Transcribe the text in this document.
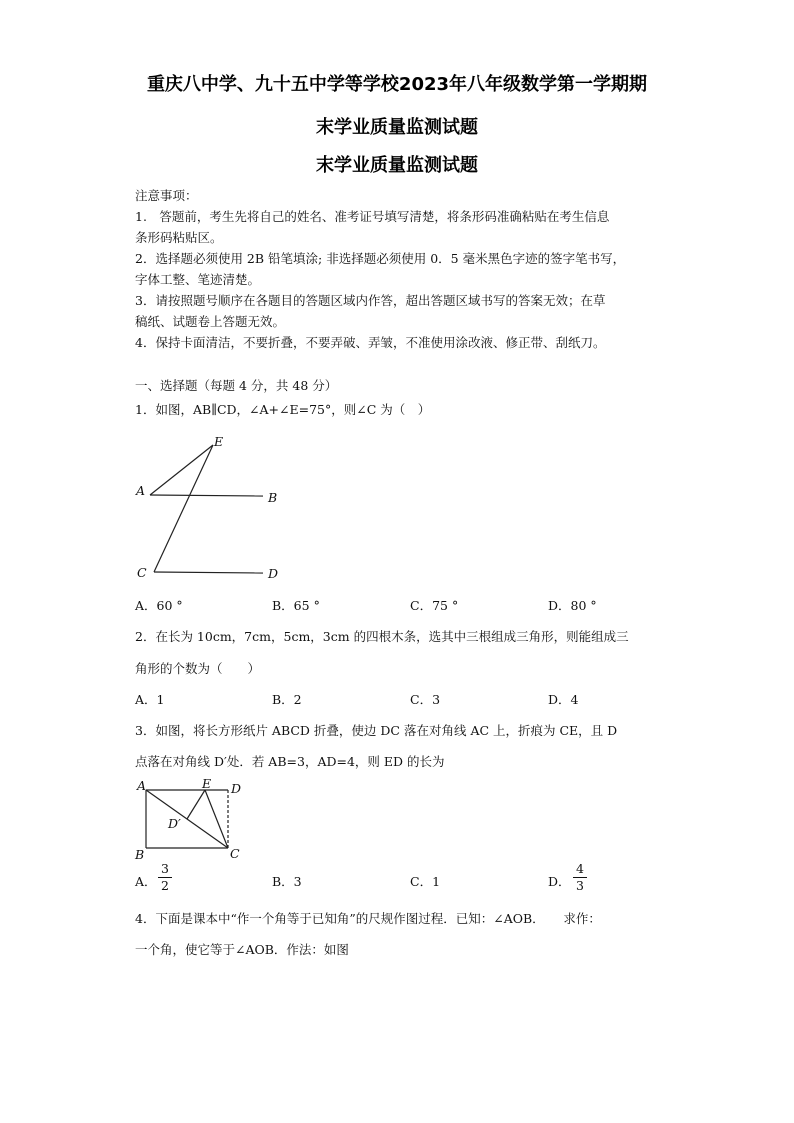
重庆八中学、九十五中学等学校2023年八年级数学第一学期期
末学业质量监测试题
末学业质量监测试题
注意事项：
1.　答题前，考生先将自己的姓名、准考证号填写清楚，将条形码准确粘贴在考生信息
条形码粘贴区。
2．选择题必须使用 2B 铅笔填涂; 非选择题必须使用 0．5 毫米黑色字迹的签字笔书写，
字体工整、笔迹清楚。
3．请按照题号顺序在各题目的答题区域内作答，超出答题区域书写的答案无效；在草
稿纸、试题卷上答题无效。
4．保持卡面清洁，不要折叠，不要弄破、弄皱，不准使用涂改液、修正带、刮纸刀。
一、选择题（每题 4 分，共 48 分）
1．如图，AB∥CD，∠A+∠E=75°，则∠C 为（　）
E
A	B
C	D
A．60 °	B．65 °	C．75 °	D．80 °
2．在长为 10cm，7cm，5cm，3cm 的四根木条，选其中三根组成三角形，则能组成三
角形的个数为（　　）
A．1	B．2	C．3	D．4
3．如图，将长方形纸片 ABCD 折叠，使边 DC 落在对角线 AC 上，折痕为 CE，且 D
点落在对角线 D′处．若 AB=3，AD=4，则 ED 的长为
A	E D
D′
B	C
A．
3
2	B．3	C．1	D．
4
3
4．下面是课本中“作一个角等于已知角”的尺规作图过程．已知：∠AOB．　　求作：
一个角，使它等于∠AOB．作法：如图
